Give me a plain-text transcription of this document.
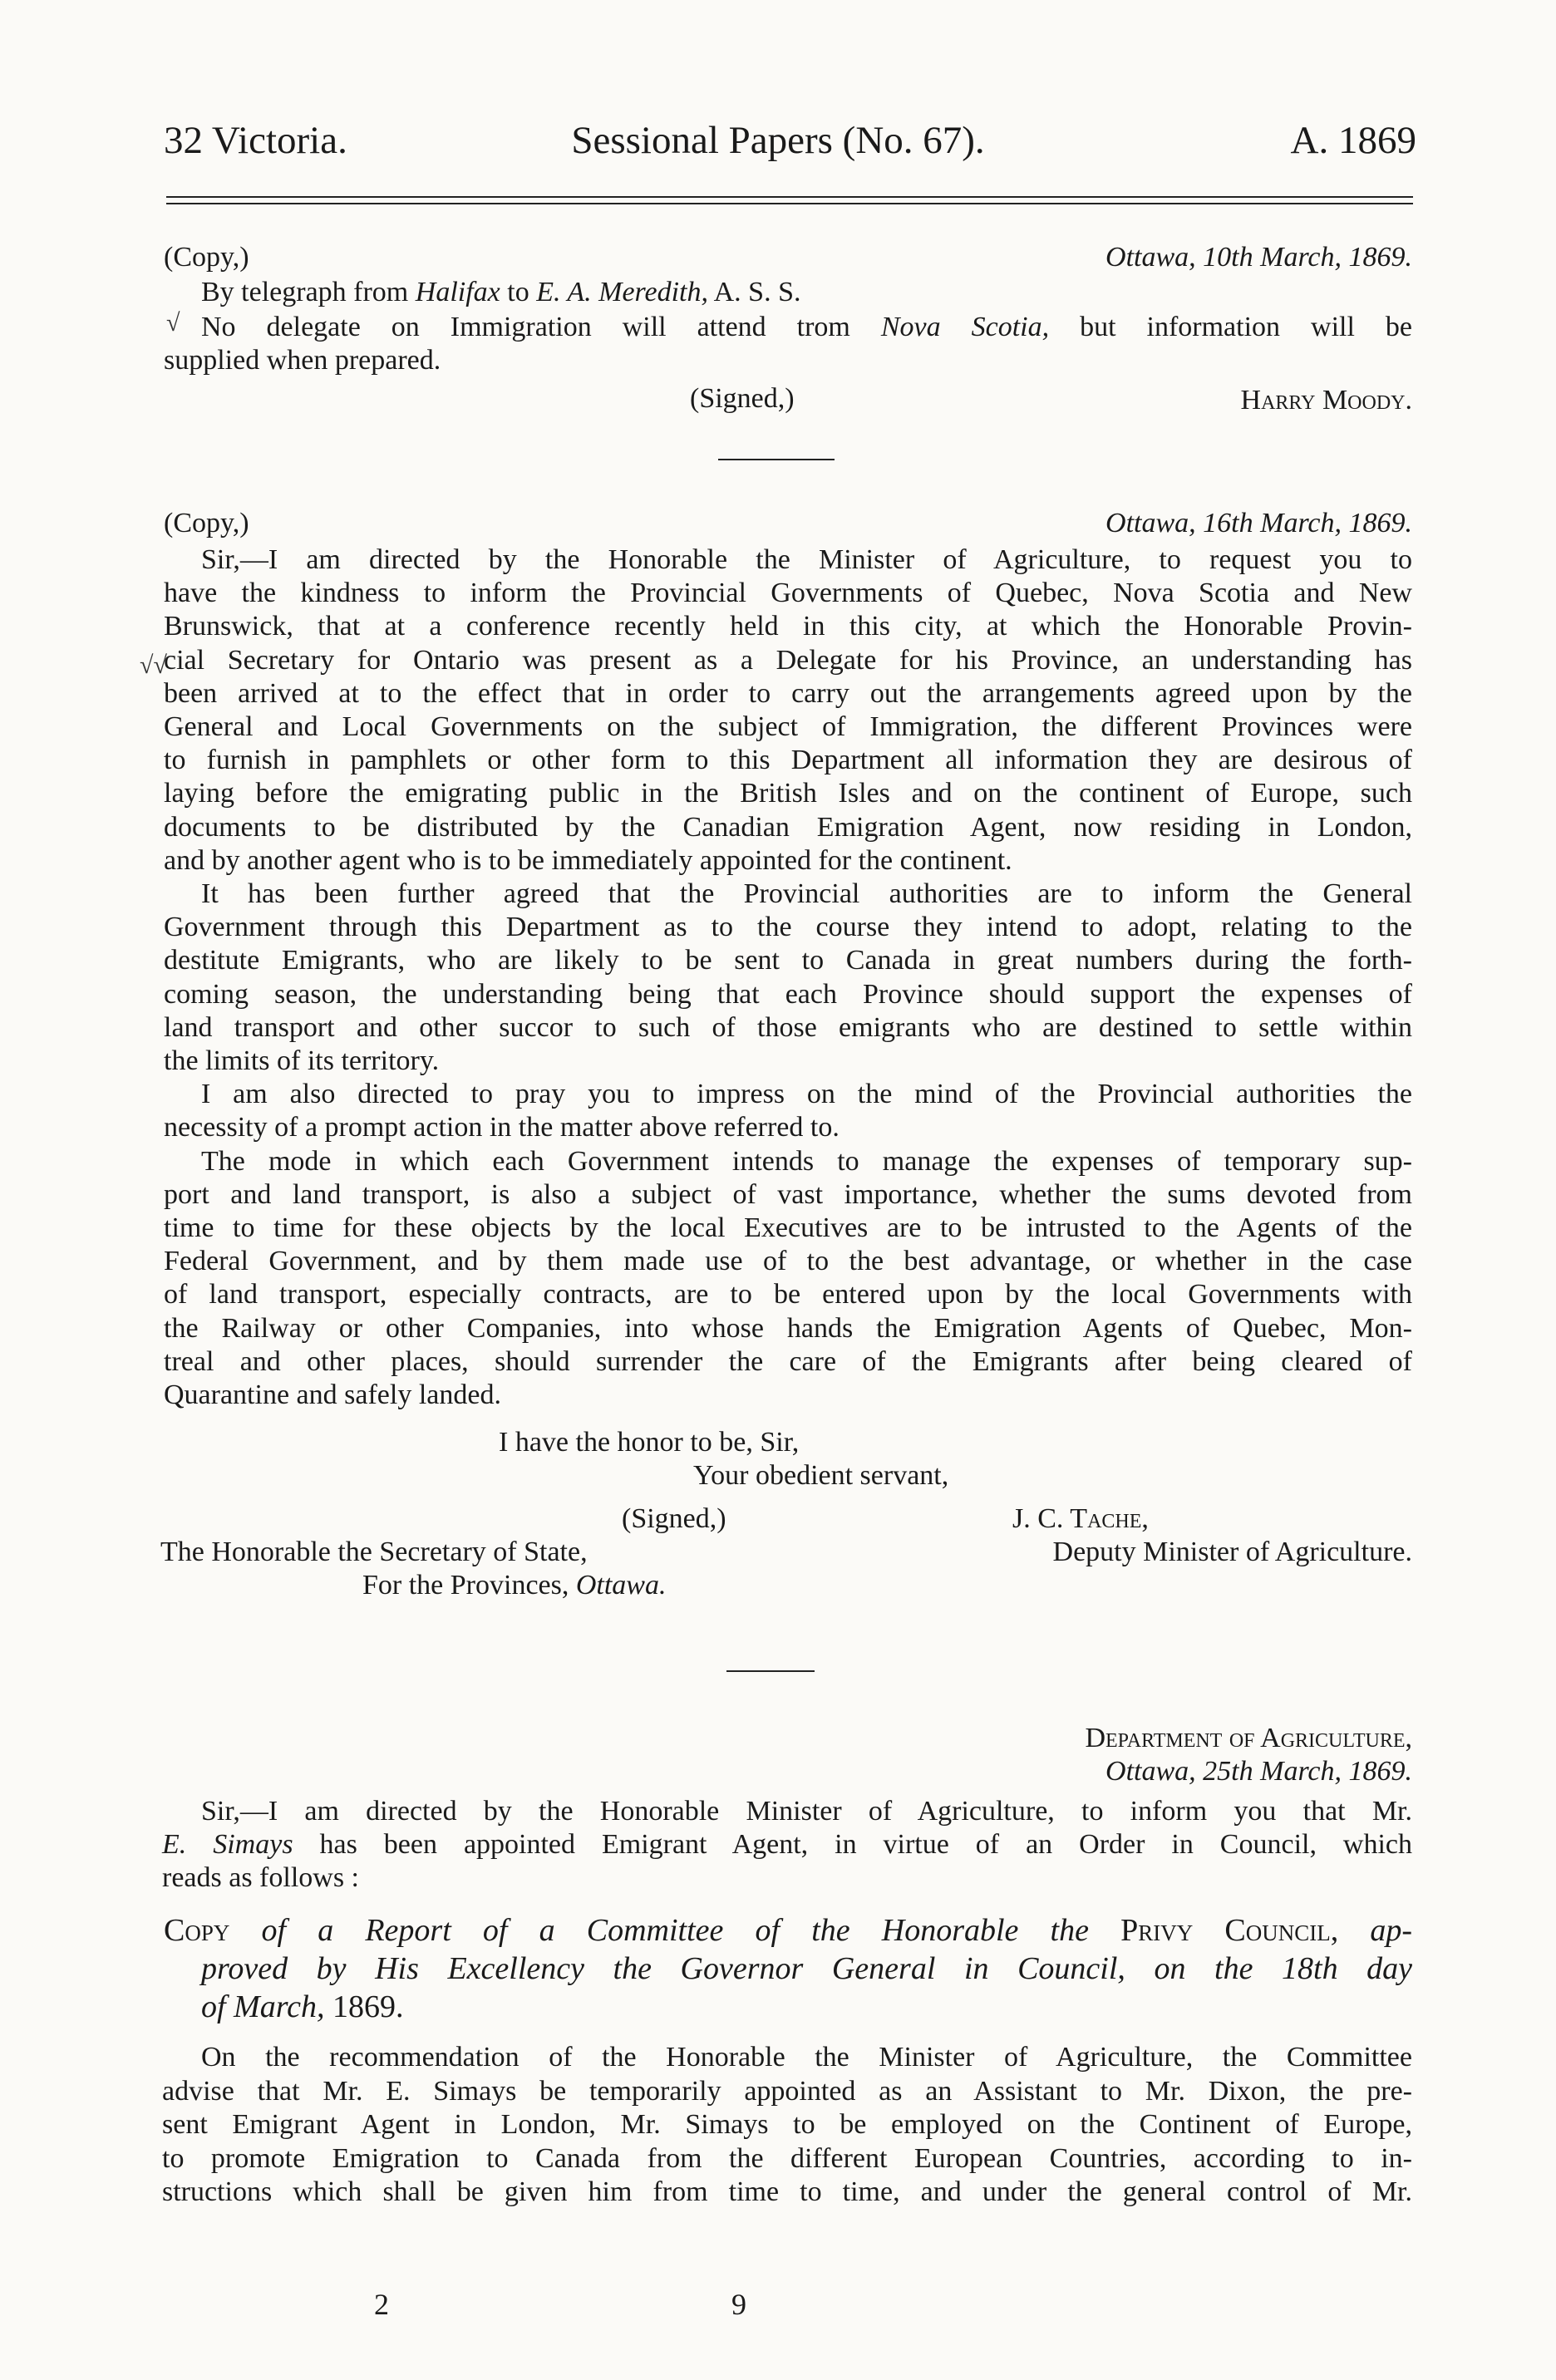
32 Victoria.	Sessional Papers (No. 67).	A. 1869
(Copy,)	Ottawa, 10th March, 1869.
By telegraph from Halifax to E. A. Meredith, A. S. S.
√ No delegate on Immigration will attend trom Nova Scotia, but information will be
supplied when prepared.
(Signed,)	Harry Moody.
(Copy,)	Ottawa, 16th March, 1869.
√√
Sir,—I am directed by the Honorable the Minister of Agriculture, to request you to
have the kindness to inform the Provincial Governments of Quebec, Nova Scotia and New
Brunswick, that at a conference recently held in this city, at which the Honorable Provin-
cial Secretary for Ontario was present as a Delegate for his Province, an understanding has
been arrived at to the effect that in order to carry out the arrangements agreed upon by the
General and Local Governments on the subject of Immigration, the different Provinces were
to furnish in pamphlets or other form to this Department all information they are desirous of
laying before the emigrating public in the British Isles and on the continent of Europe, such
documents to be distributed by the Canadian Emigration Agent, now residing in London,
and by another agent who is to be immediately appointed for the continent.
It has been further agreed that the Provincial authorities are to inform the General
Government through this Department as to the course they intend to adopt, relating to the
destitute Emigrants, who are likely to be sent to Canada in great numbers during the forth-
coming season, the understanding being that each Province should support the expenses of
land transport and other succor to such of those emigrants who are destined to settle within
the limits of its territory.
I am also directed to pray you to impress on the mind of the Provincial authorities the
necessity of a prompt action in the matter above referred to.
The mode in which each Government intends to manage the expenses of temporary sup-
port and land transport, is also a subject of vast importance, whether the sums devoted from
time to time for these objects by the local Executives are to be intrusted to the Agents of the
Federal Government, and by them made use of to the best advantage, or whether in the case
of land transport, especially contracts, are to be entered upon by the local Governments with
the Railway or other Companies, into whose hands the Emigration Agents of Quebec, Mon-
treal and other places, should surrender the care of the Emigrants after being cleared of
Quarantine and safely landed.
I have the honor to be, Sir,
Your obedient servant,
(Signed,)	J. C. Tache,
The Honorable the Secretary of State,	Deputy Minister of Agriculture.
For the Provinces, Ottawa.
Department of Agriculture,
Ottawa, 25th March, 1869.
Sir,—I am directed by the Honorable Minister of Agriculture, to inform you that Mr.
E. Simays has been appointed Emigrant Agent, in virtue of an Order in Council, which
reads as follows :
Copy of a Report of a Committee of the Honorable the Privy Council, ap-
proved by His Excellency the Governor General in Council, on the 18th day
of March, 1869.
On the recommendation of the Honorable the Minister of Agriculture, the Committee
advise that Mr. E. Simays be temporarily appointed as an Assistant to Mr. Dixon, the pre-
sent Emigrant Agent in London, Mr. Simays to be employed on the Continent of Europe,
to promote Emigration to Canada from the different European Countries, according to in-
structions which shall be given him from time to time, and under the general control of Mr.
2	9
